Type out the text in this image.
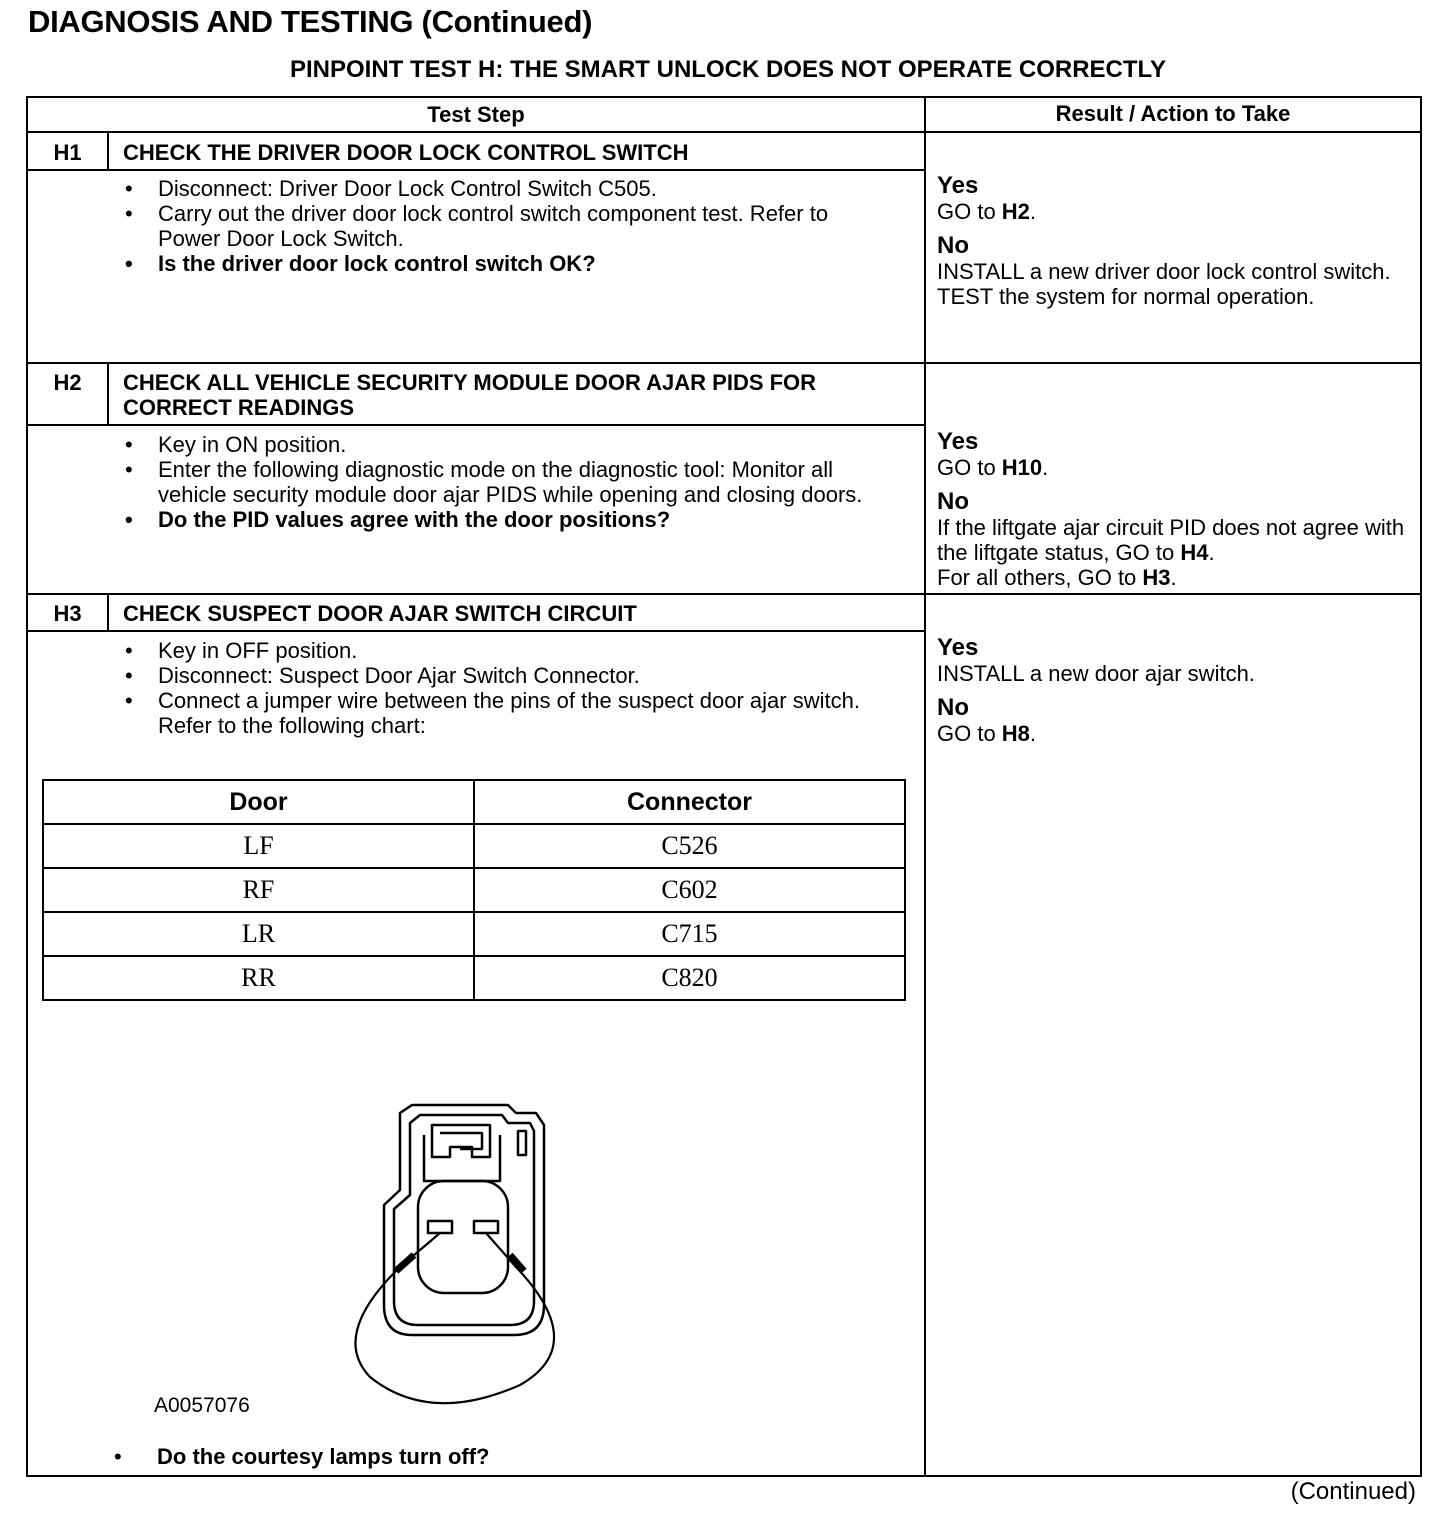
DIAGNOSIS AND TESTING (Continued)
PINPOINT TEST H: THE SMART UNLOCK DOES NOT OPERATE CORRECTLY
Test Step	Result / Action to Take
H1	CHECK THE DRIVER DOOR LOCK CONTROL SWITCH
• Disconnect: Driver Door Lock Control Switch C505.
• Carry out the driver door lock control switch component test. Refer to Power Door Lock Switch.
• Is the driver door lock control switch OK?
Yes
GO to H2.
No
INSTALL a new driver door lock control switch.
TEST the system for normal operation.
H2	CHECK ALL VEHICLE SECURITY MODULE DOOR AJAR PIDS FOR CORRECT READINGS
• Key in ON position.
• Enter the following diagnostic mode on the diagnostic tool: Monitor all vehicle security module door ajar PIDS while opening and closing doors.
• Do the PID values agree with the door positions?
Yes
GO to H10.
No
If the liftgate ajar circuit PID does not agree with the liftgate status, GO to H4.
For all others, GO to H3.
H3	CHECK SUSPECT DOOR AJAR SWITCH CIRCUIT
• Key in OFF position.
• Disconnect: Suspect Door Ajar Switch Connector.
• Connect a jumper wire between the pins of the suspect door ajar switch. Refer to the following chart:
Door	Connector
LF	C526
RF	C602
LR	C715
RR	C820
A0057076
• Do the courtesy lamps turn off?
Yes
INSTALL a new door ajar switch.
No
GO to H8.
(Continued)
